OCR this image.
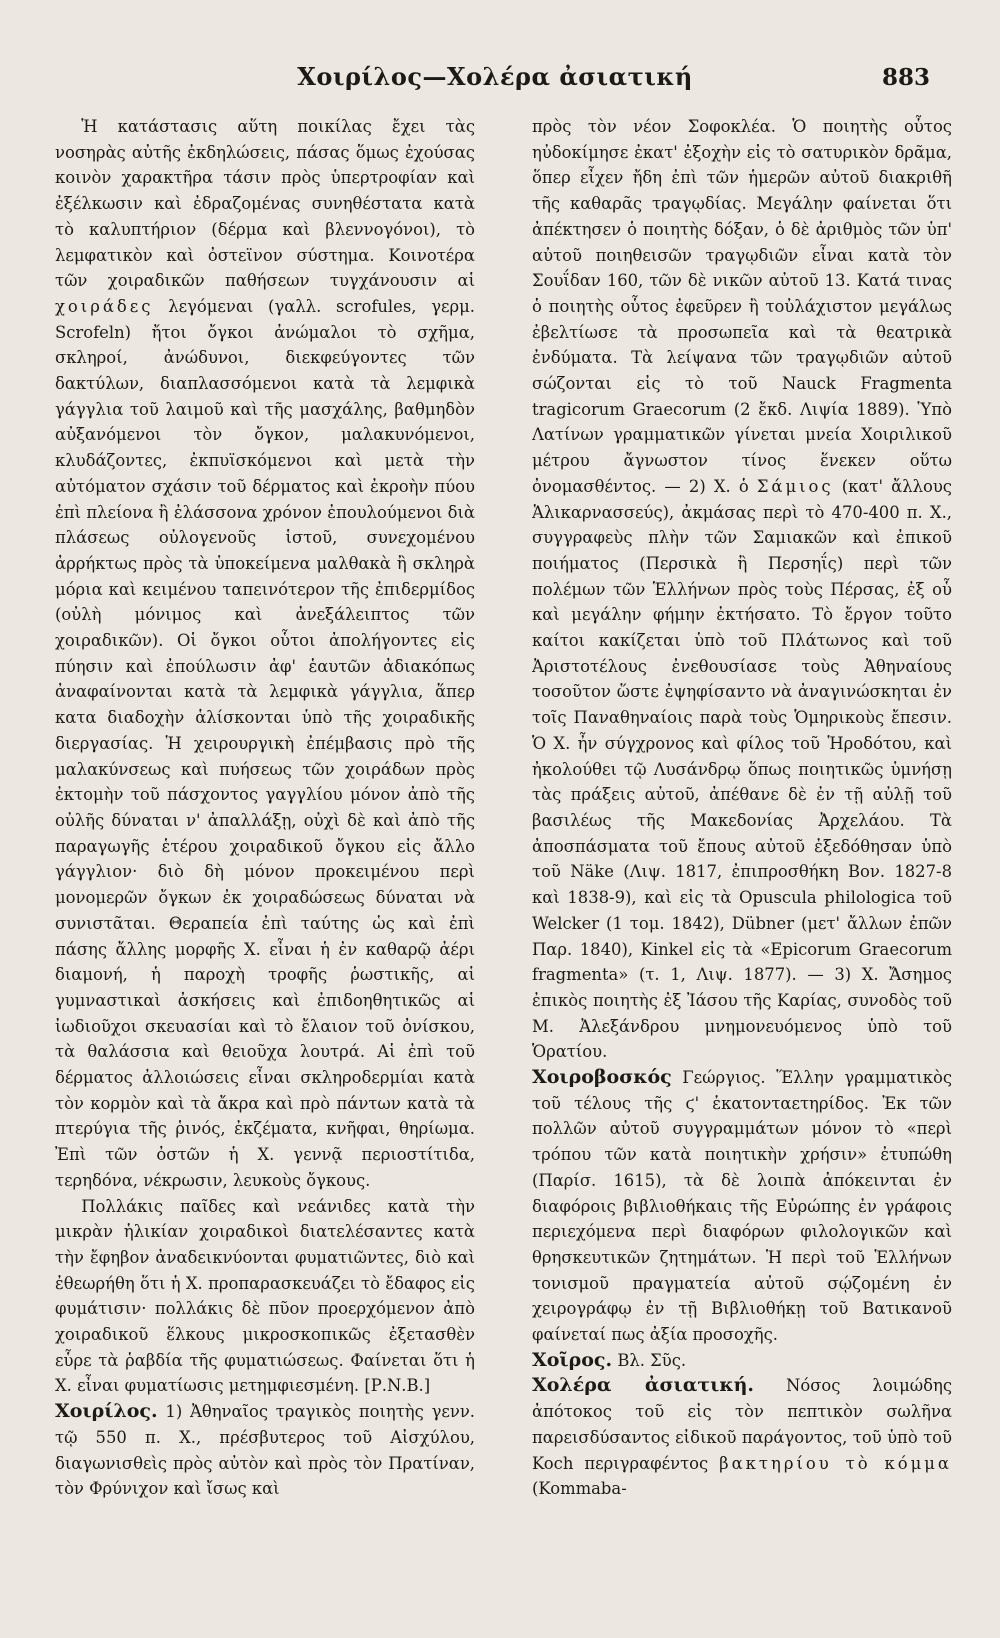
Χοιρίλος—Χολέρα ἀσιατική	883

Ἡ κατάστασις αὕτη ποικίλας ἔχει τὰς νοσηρὰς αὐτῆς ἐκδηλώσεις, πάσας ὅμως ἐχούσας κοινὸν χαρακτῆρα τάσιν πρὸς ὑπερτροφίαν καὶ ἐξέλκωσιν καὶ ἐδραζομένας συνηθέστατα κατὰ τὸ καλυπτήριον (δέρμα καὶ βλεννογόνοι), τὸ λεμφατικὸν καὶ ὀστεϊνον σύστημα. Κοινοτέρα τῶν χοιραδικῶν παθήσεων τυγχάνουσιν αἱ χοιράδες λεγόμεναι (γαλλ. scrofules, γερμ. Scrofeln) ἤτοι ὄγκοι ἀνώμαλοι τὸ σχῆμα, σκληροί, ἀνώδυνοι, διεκφεύγοντες τῶν δακτύλων, διαπλασσόμενοι κατὰ τὰ λεμφικὰ γάγγλια τοῦ λαιμοῦ καὶ τῆς μασχάλης, βαθμηδὸν αὐξανόμενοι τὸν ὄγκον, μαλακυνόμενοι, κλυδάζοντες, ἐκπυϊσκόμενοι καὶ μετὰ τὴν αὐτόματον σχάσιν τοῦ δέρματος καὶ ἐκροὴν πύου ἐπὶ πλείονα ἢ ἐλάσσονα χρόνον ἐπουλούμενοι διὰ πλάσεως οὐλογενοῦς ἱστοῦ, συνεχομένου ἀρρήκτως πρὸς τὰ ὑποκείμενα μαλθακὰ ἢ σκληρὰ μόρια καὶ κειμένου ταπεινότερον τῆς ἐπιδερμίδος (οὐλὴ μόνιμος καὶ ἀνεξάλειπτος τῶν χοιραδικῶν). Οἱ ὄγκοι οὗτοι ἀπολήγοντες εἰς πύησιν καὶ ἐπούλωσιν ἀφ' ἑαυτῶν ἀδιακόπως ἀναφαίνονται κατὰ τὰ λεμφικὰ γάγγλια, ἅπερ κατα διαδοχὴν ἁλίσκονται ὑπὸ τῆς χοιραδικῆς διεργασίας. Ἡ χειρουργικὴ ἐπέμβασις πρὸ τῆς μαλακύνσεως καὶ πυήσεως τῶν χοιράδων πρὸς ἐκτομὴν τοῦ πάσχοντος γαγγλίου μόνον ἀπὸ τῆς οὐλῆς δύναται ν' ἀπαλλάξῃ, οὐχὶ δὲ καὶ ἀπὸ τῆς παραγωγῆς ἑτέρου χοιραδικοῦ ὄγκου εἰς ἄλλο γάγγλιον· διὸ δὴ μόνον προκειμένου περὶ μονομερῶν ὄγκων ἐκ χοιραδώσεως δύναται νὰ συνιστᾶται. Θεραπεία ἐπὶ ταύτης ὡς καὶ ἐπὶ πάσης ἄλλης μορφῆς Χ. εἶναι ἡ ἐν καθαρῷ ἀέρι διαμονή, ἡ παροχὴ τροφῆς ῥωστικῆς, αἱ γυμναστικαὶ ἀσκήσεις καὶ ἐπιδοηθητικῶς αἱ ἰωδιοῦχοι σκευασίαι καὶ τὸ ἔλαιον τοῦ ὀνίσκου, τὰ θαλάσσια καὶ θειοῦχα λουτρά. Αἱ ἐπὶ τοῦ δέρματος ἀλλοιώσεις εἶναι σκληροδερμίαι κατὰ τὸν κορμὸν καὶ τὰ ἄκρα καὶ πρὸ πάντων κατὰ τὰ πτερύγια τῆς ῥινός, ἐκζέματα, κνῆφαι, θηρίωμα. Ἐπὶ τῶν ὀστῶν ἡ Χ. γεννᾷ περιοστίτιδα, τερηδόνα, νέκρωσιν, λευκοὺς ὄγκους.

Πολλάκις παῖδες καὶ νεάνιδες κατὰ τὴν μικρὰν ἡλικίαν χοιραδικοὶ διατελέσαντες κατὰ τὴν ἔφηβον ἀναδεικνύονται φυματιῶντες, διὸ καὶ ἐθεωρήθη ὅτι ἡ Χ. προπαρασκευάζει τὸ ἔδαφος εἰς φυμάτισιν· πολλάκις δὲ πῦον προερχόμενον ἀπὸ χοιραδικοῦ ἕλκους μικροσκοπικῶς ἐξετασθὲν εὗρε τὰ ῥαβδία τῆς φυματιώσεως. Φαίνεται ὅτι ἡ Χ. εἶναι φυματίωσις μετημφιεσμένη. [Ρ.Ν.Β.]

Χοιρίλος. 1) Ἀθηναῖος τραγικὸς ποιητὴς γενν. τῷ 550 π. Χ., πρέσβυτερος τοῦ Αἰσχύλου, διαγωνισθεὶς πρὸς αὐτὸν καὶ πρὸς τὸν Πρατίναν, τὸν Φρύνιχον καὶ ἴσως καὶ

πρὸς τὸν νέον Σοφοκλέα. Ὁ ποιητὴς οὗτος ηὐδοκίμησε ἐκατ' ἐξοχὴν εἰς τὸ σατυρικὸν δρᾶμα, ὅπερ εἶχεν ἤδη ἐπὶ τῶν ἡμερῶν αὐτοῦ διακριθῆ τῆς καθαρᾶς τραγῳδίας. Μεγάλην φαίνεται ὅτι ἀπέκτησεν ὁ ποιητὴς δόξαν, ὁ δὲ ἀριθμὸς τῶν ὑπ' αὐτοῦ ποιηθεισῶν τραγῳδιῶν εἶναι κατὰ τὸν Σουΐδαν 160, τῶν δὲ νικῶν αὐτοῦ 13. Κατά τινας ὁ ποιητὴς οὗτος ἐφεῦρεν ἢ τοὐλάχιστον μεγάλως ἐβελτίωσε τὰ προσωπεῖα καὶ τὰ θεατρικὰ ἐνδύματα. Τὰ λείψανα τῶν τραγῳδιῶν αὐτοῦ σώζονται εἰς τὸ τοῦ Nauck Fragmenta tragicorum Graecorum (2 ἔκδ. Λιψία 1889). Ὑπὸ Λατίνων γραμματικῶν γίνεται μνεία Χοιριλικοῦ μέτρου ἄγνωστον τίνος ἕνεκεν οὕτω ὀνομασθέντος. — 2) Χ. ὁ Σάμιος (κατ' ἄλλους Ἁλικαρνασσεύς), ἀκμάσας περὶ τὸ 470-400 π. Χ., συγγραφεὺς πλὴν τῶν Σαμιακῶν καὶ ἐπικοῦ ποιήματος (Περσικὰ ἢ Περσηΐς) περὶ τῶν πολέμων τῶν Ἑλλήνων πρὸς τοὺς Πέρσας, ἐξ οὗ καὶ μεγάλην φήμην ἐκτήσατο. Τὸ ἔργον τοῦτο καίτοι κακίζεται ὑπὸ τοῦ Πλάτωνος καὶ τοῦ Ἀριστοτέλους ἐνεθουσίασε τοὺς Ἀθηναίους τοσοῦτον ὥστε ἐψηφίσαντο νὰ ἀναγινώσκηται ἐν τοῖς Παναθηναίοις παρὰ τοὺς Ὁμηρικοὺς ἔπεσιν. Ὁ Χ. ἦν σύγχρονος καὶ φίλος τοῦ Ἡροδότου, καὶ ἠκολούθει τῷ Λυσάνδρῳ ὅπως ποιητικῶς ὑμνήσῃ τὰς πράξεις αὐτοῦ, ἀπέθανε δὲ ἐν τῇ αὐλῇ τοῦ βασιλέως τῆς Μακεδονίας Ἀρχελάου. Τὰ ἀποσπάσματα τοῦ ἔπους αὐτοῦ ἐξεδόθησαν ὑπὸ τοῦ Näke (Λιψ. 1817, ἐπιπροσθήκη Βον. 1827-8 καὶ 1838-9), καὶ εἰς τὰ Opuscula philologica τοῦ Welcker (1 τομ. 1842), Dübner (μετ' ἄλλων ἐπῶν Παρ. 1840), Kinkel εἰς τὰ «Epicorum Graecorum fragmenta» (τ. 1, Λιψ. 1877). — 3) Χ. Ἄσημος ἐπικὸς ποιητὴς ἐξ Ἰάσου τῆς Καρίας, συνοδὸς τοῦ Μ. Ἀλεξάνδρου μνημονευόμενος ὑπὸ τοῦ Ὁρατίου.

Χοιροβοσκός Γεώργιος. Ἕλλην γραμματικὸς τοῦ τέλους τῆς ϛ' ἑκατονταετηρίδος. Ἐκ τῶν πολλῶν αὐτοῦ συγγραμμάτων μόνον τὸ «περὶ τρόπου τῶν κατὰ ποιητικὴν χρήσιν» ἐτυπώθη (Παρίσ. 1615), τὰ δὲ λοιπὰ ἀπόκεινται ἐν διαφόροις βιβλιοθήκαις τῆς Εὐρώπης ἐν γράφοις περιεχόμενα περὶ διαφόρων φιλολογικῶν καὶ θρησκευτικῶν ζητημάτων. Ἡ περὶ τοῦ Ἑλλήνων τονισμοῦ πραγματεία αὐτοῦ σῴζομένη ἐν χειρογράφῳ ἐν τῇ Βιβλιοθήκῃ τοῦ Βατικανοῦ φαίνεταί πως ἀξία προσοχῆς.

Χοῖρος. Βλ. Σῦς.

Χολέρα ἀσιατική. Νόσος λοιμώδης ἀπότοκος τοῦ εἰς τὸν πεπτικὸν σωλῆνα παρεισδύσαντος εἰδικοῦ παράγοντος, τοῦ ὑπὸ τοῦ Koch περιγραφέντος βακτηρίου τὸ κόμμα (Kommaba-
